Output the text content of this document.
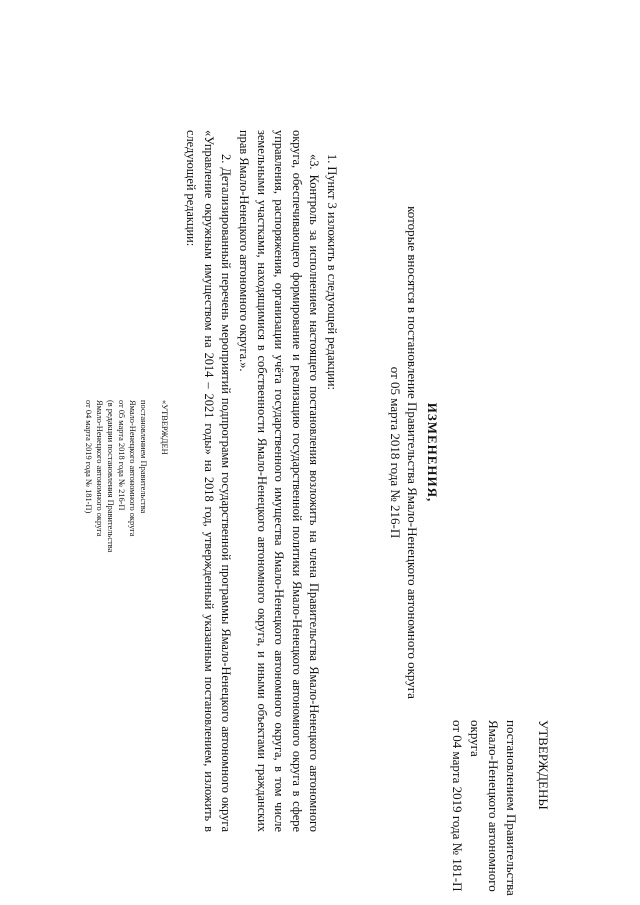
УТВЕРЖДЕНЫ
постановлением Правительства
Ямало-Ненецкого автономного округа
от 04 марта 2019 года № 181-П
ИЗМЕНЕНИЯ,
которые вносятся в постановление Правительства Ямало-Ненецкого автономного округа
от 05 марта 2018 года № 216-П

1. Пункт 3 изложить в следующей редакции:

«3. Контроль за исполнением настоящего постановления возложить на члена Правительства Ямало-Ненецкого автономного округа, обеспечивающего формирование и реализацию государственной политики Ямало-Ненецкого автономного округа в сфере управления, распоряжения, организации учёта государственного имущества Ямало-Ненецкого автономного округа, в том числе земельными участками, находящимися в собственности Ямало-Ненецкого автономного округа, и иными объектами гражданских прав Ямало-Ненецкого автономного округа.».

2. Детализированный перечень мероприятий подпрограмм государственной программы Ямало-Ненецкого автономного округа «Управление окружным имуществом на 2014 – 2021 годы» на 2018 год, утвержденный указанным постановлением, изложить в следующей редакции:

«УТВЕРЖДЕН
постановлением Правительства
Ямало-Ненецкого автономного округа
от 05 марта 2018 года № 216-П
(в редакции постановления Правительства
Ямало-Ненецкого автономного округа
от 04 марта 2019 года № 181-П)
